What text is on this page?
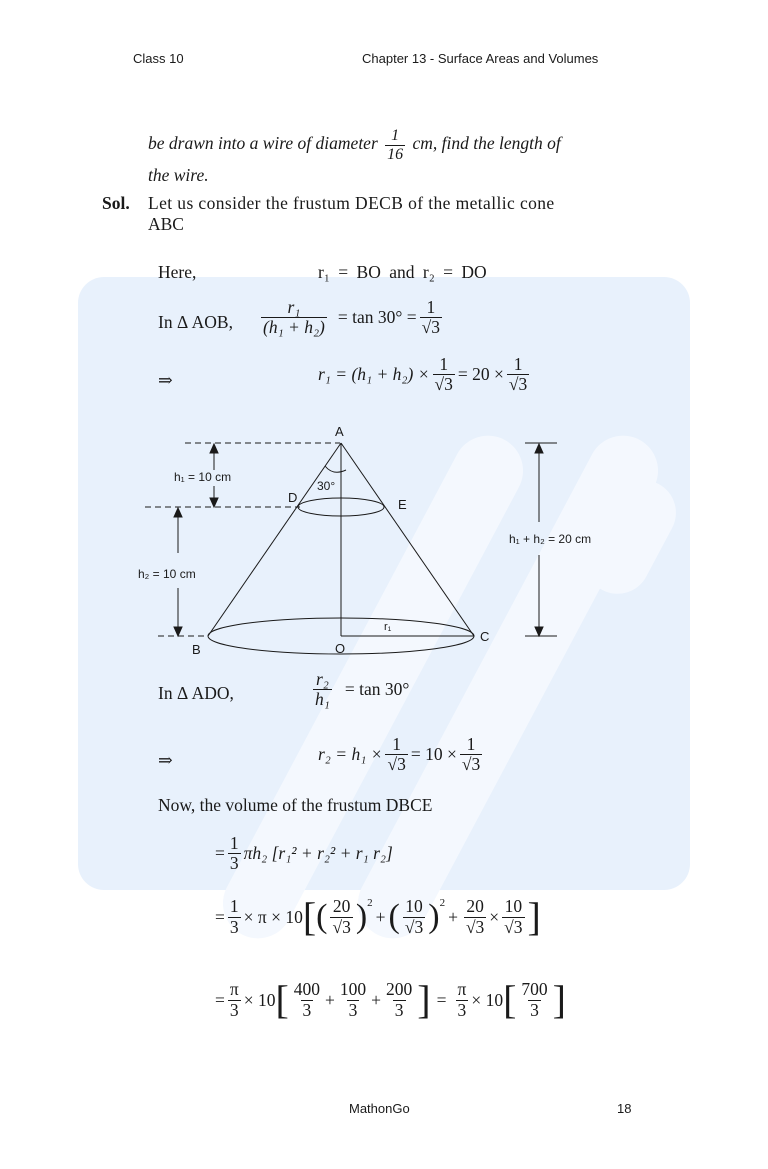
Class 10	Chapter 13 - Surface Areas and Volumes
be drawn into a wire of diameter $\frac{1}{16}$ cm, find the length of
the wire.
Sol. Let us consider the frustum DECB of the metallic cone
ABC
Here,	r₁ = BO and r₂ = DO
In Δ AOB, $\frac{\text{r₁}}{\text{(h₁ + h₂)}} = \tan 30^\circ = \frac{1}{√3}$
⇒	$r_1 = (h_1 + h_2) \times \frac{1}{√3} = 20 \times \frac{1}{√3}$
A
D	E
B
C
O
30°
r₁
h₁ = 10 cm
h₂ = 10 cm
h₁ + h₂ = 20 cm
In Δ ADO,	$\frac{\text{r₂}}{\text{h₁}} = \tan 30^\circ$
⇒	$r_2 = h_1 \times \frac{1}{√3} = 10 \times \frac{1}{√3}$
Now, the volume of the frustum DBCE
= $\frac{1}{3} \pi h_2$ [r₁² + r₂² + r₁ r₂]
= $\frac{1}{3} \times \pi \times 10$ [ ( $\frac{20}{√3} )^2$
+ ( $\frac{10}{√3} )^2$
+ $\frac{20}{√3} \times \frac{10}{√3}$ ]
= $\frac{\pi}{3} \times 10$ [ $\frac{400}{3} + \frac{100}{3} + \frac{200}{3}$ ] = $\frac{\pi}{3} \times 10$ [ $\frac{700}{3}$ ]
MathonGo	18
